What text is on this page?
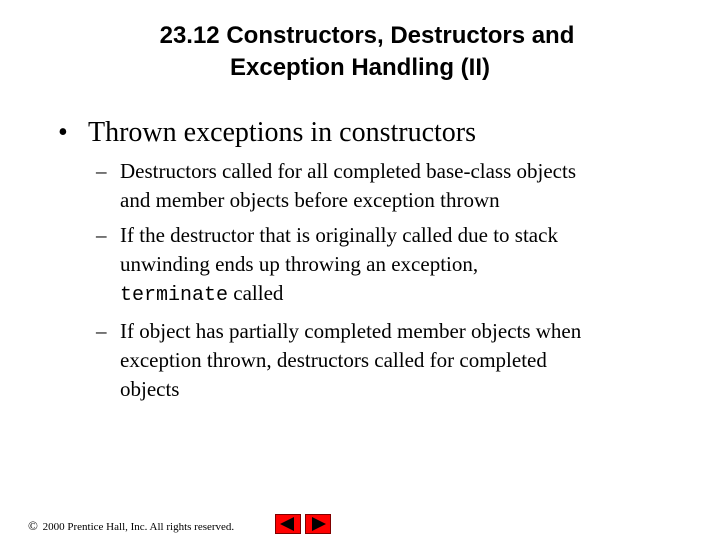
23.12 Constructors, Destructors and
Exception Handling (II)
• Thrown exceptions in constructors
– Destructors called for all completed base-class objects
and member objects before exception thrown
– If the destructor that is originally called due to stack
unwinding ends up throwing an exception,
terminate called
– If object has partially completed member objects when
exception thrown, destructors called for completed
objects
© 2000 Prentice Hall, Inc. All rights reserved.
